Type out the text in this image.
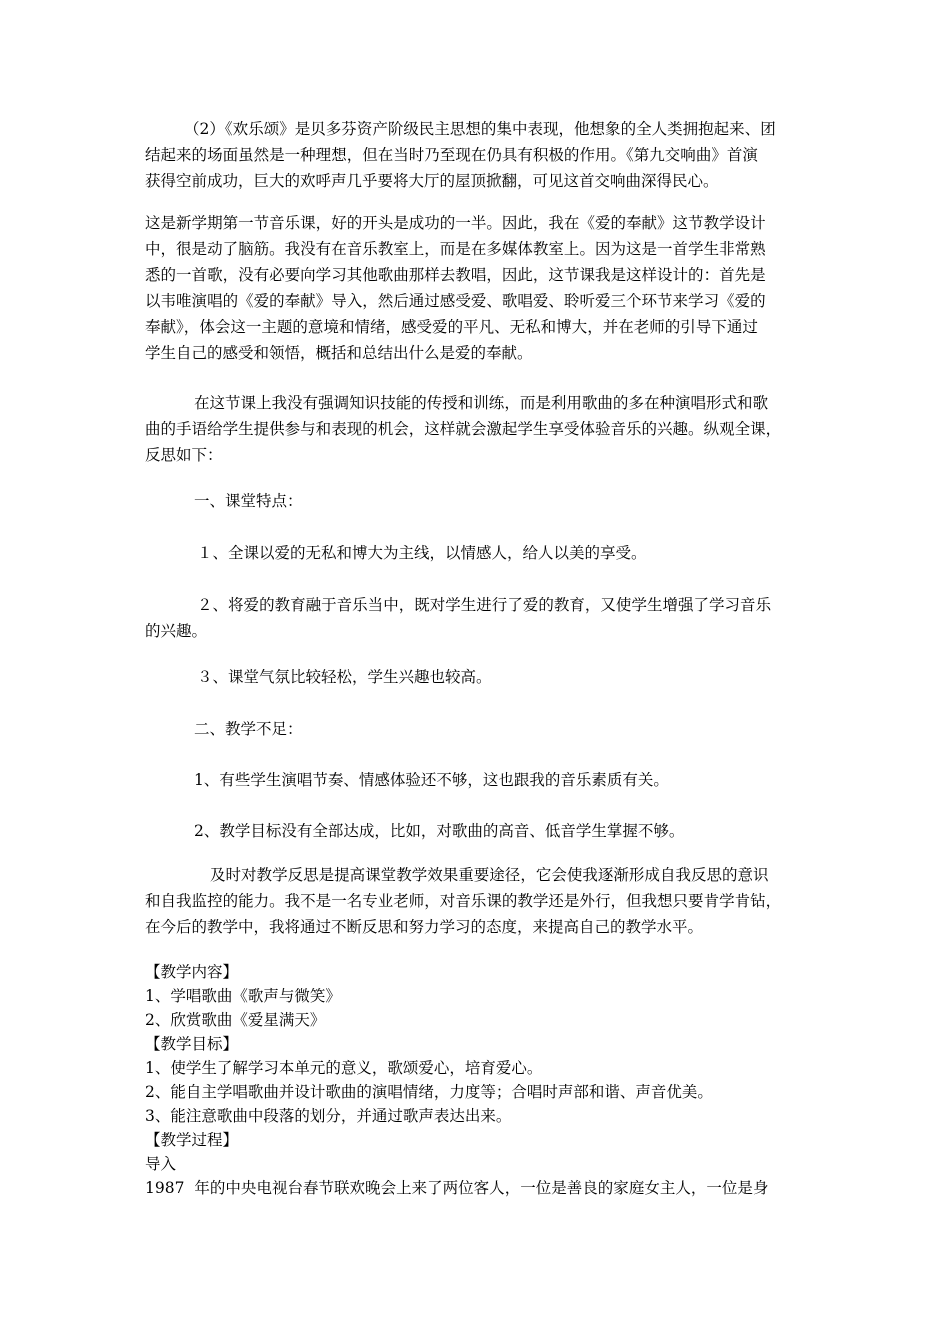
（2）《欢乐颂》是贝多芬资产阶级民主思想的集中表现，他想象的全人类拥抱起来、团
结起来的场面虽然是一种理想，但在当时乃至现在仍具有积极的作用。《第九交响曲》首演
获得空前成功，巨大的欢呼声几乎要将大厅的屋顶掀翻，可见这首交响曲深得民心。
这是新学期第一节音乐课，好的开头是成功的一半。因此，我在《爱的奉献》这节教学设计
中，很是动了脑筋。我没有在音乐教室上，而是在多媒体教室上。因为这是一首学生非常熟
悉的一首歌，没有必要向学习其他歌曲那样去教唱，因此，这节课我是这样设计的：首先是
以韦唯演唱的《爱的奉献》导入，然后通过感受爱、歌唱爱、聆听爱三个环节来学习《爱的
奉献》，体会这一主题的意境和情绪，感受爱的平凡、无私和博大，并在老师的引导下通过
学生自己的感受和领悟，概括和总结出什么是爱的奉献。
在这节课上我没有强调知识技能的传授和训练，而是利用歌曲的多在种演唱形式和歌
曲的手语给学生提供参与和表现的机会，这样就会激起学生享受体验音乐的兴趣。纵观全课，
反思如下：

一、课堂特点：

１、全课以爱的无私和博大为主线，以情感人，给人以美的享受。

２、将爱的教育融于音乐当中，既对学生进行了爱的教育，又使学生增强了学习音乐
的兴趣。

３、课堂气氛比较轻松，学生兴趣也较高。

二、教学不足：

1、有些学生演唱节奏、情感体验还不够，这也跟我的音乐素质有关。

2、教学目标没有全部达成，比如，对歌曲的高音、低音学生掌握不够。

及时对教学反思是提高课堂教学效果重要途径，它会使我逐渐形成自我反思的意识
和自我监控的能力。我不是一名专业老师，对音乐课的教学还是外行，但我想只要肯学肯钻，
在今后的教学中，我将通过不断反思和努力学习的态度，来提高自己的教学水平。
【教学内容】
1、学唱歌曲《歌声与微笑》
2、欣赏歌曲《爱星满天》
【教学目标】
1、使学生了解学习本单元的意义，歌颂爱心，培育爱心。
2、能自主学唱歌曲并设计歌曲的演唱情绪，力度等；合唱时声部和谐、声音优美。
3、能注意歌曲中段落的划分，并通过歌声表达出来。
【教学过程】
导入
1987 年的中央电视台春节联欢晚会上来了两位客人，一位是善良的家庭女主人，一位是身
